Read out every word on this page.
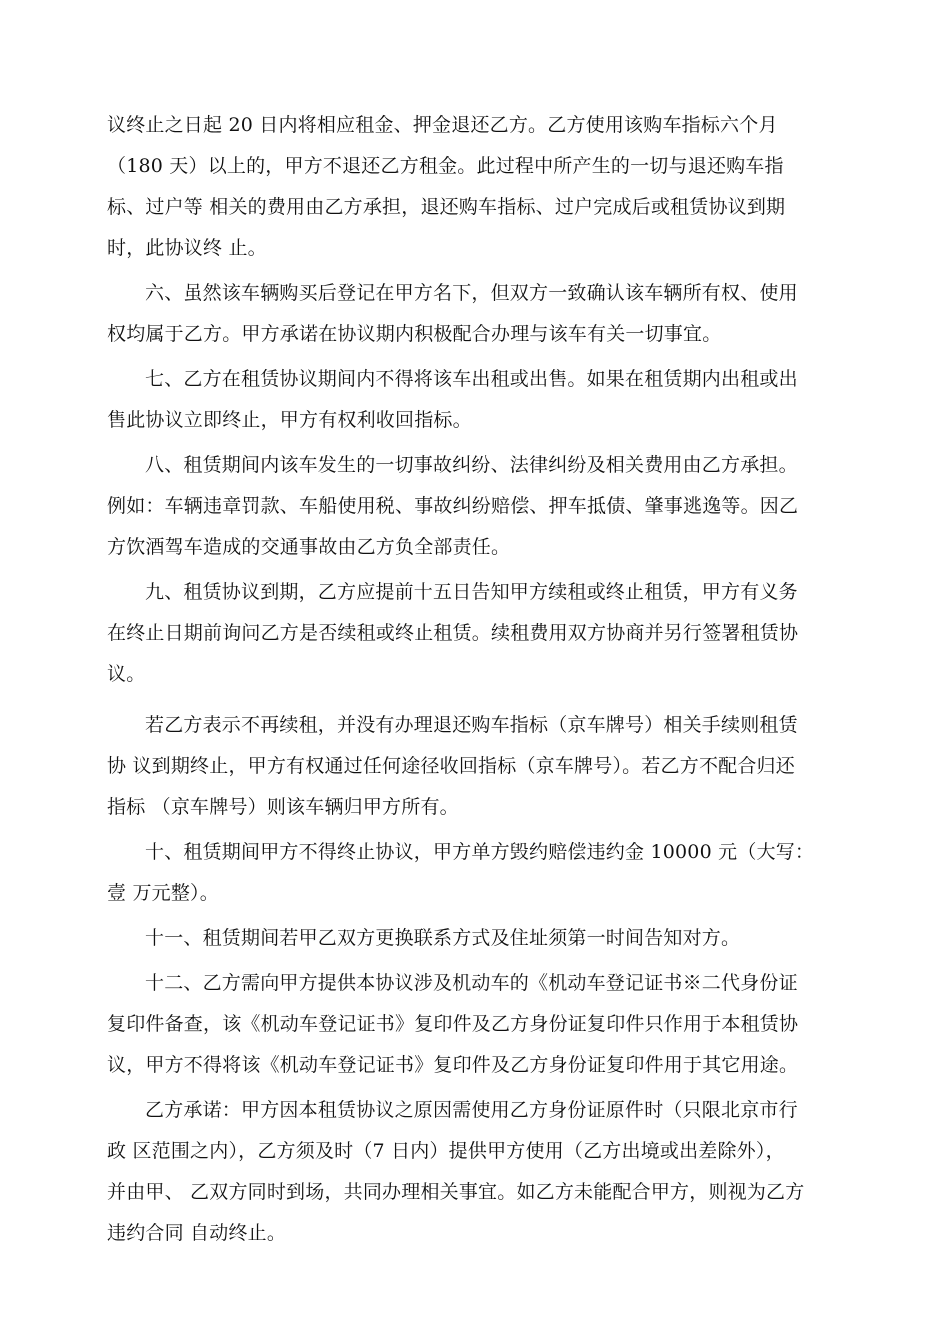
议终止之日起 20 日内将相应租金、押金退还乙方。乙方使用该购车指标六个月
（180 天）以上的，甲方不退还乙方租金。此过程中所产生的一切与退还购车指
标、过户等 相关的费用由乙方承担，退还购车指标、过户完成后或租赁协议到期
时，此协议终 止。
六、虽然该车辆购买后登记在甲方名下，但双方一致确认该车辆所有权、使用
权均属于乙方。甲方承诺在协议期内积极配合办理与该车有关一切事宜。
七、乙方在租赁协议期间内不得将该车出租或出售。如果在租赁期内出租或出
售此协议立即终止，甲方有权利收回指标。
八、租赁期间内该车发生的一切事故纠纷、法律纠纷及相关费用由乙方承担。
例如：车辆违章罚款、车船使用税、事故纠纷赔偿、押车抵债、肇事逃逸等。因乙
方饮酒驾车造成的交通事故由乙方负全部责任。
九、租赁协议到期，乙方应提前十五日告知甲方续租或终止租赁，甲方有义务
在终止日期前询问乙方是否续租或终止租赁。续租费用双方协商并另行签署租赁协
议。
若乙方表示不再续租，并没有办理退还购车指标（京车牌号）相关手续则租赁
协 议到期终止，甲方有权通过任何途径收回指标（京车牌号）。若乙方不配合归还
指标 （京车牌号）则该车辆归甲方所有。
十、租赁期间甲方不得终止协议，甲方单方毁约赔偿违约金 10000 元（大写：
壹 万元整）。
十一、租赁期间若甲乙双方更换联系方式及住址须第一时间告知对方。
十二、乙方需向甲方提供本协议涉及机动车的《机动车登记证书※二代身份证
复印件备查，该《机动车登记证书》复印件及乙方身份证复印件只作用于本租赁协
议，甲方不得将该《机动车登记证书》复印件及乙方身份证复印件用于其它用途。
乙方承诺：甲方因本租赁协议之原因需使用乙方身份证原件时（只限北京市行
政 区范围之内），乙方须及时（7 日内）提供甲方使用（乙方出境或出差除外），
并由甲、 乙双方同时到场，共同办理相关事宜。如乙方未能配合甲方，则视为乙方
违约合同 自动终止。
